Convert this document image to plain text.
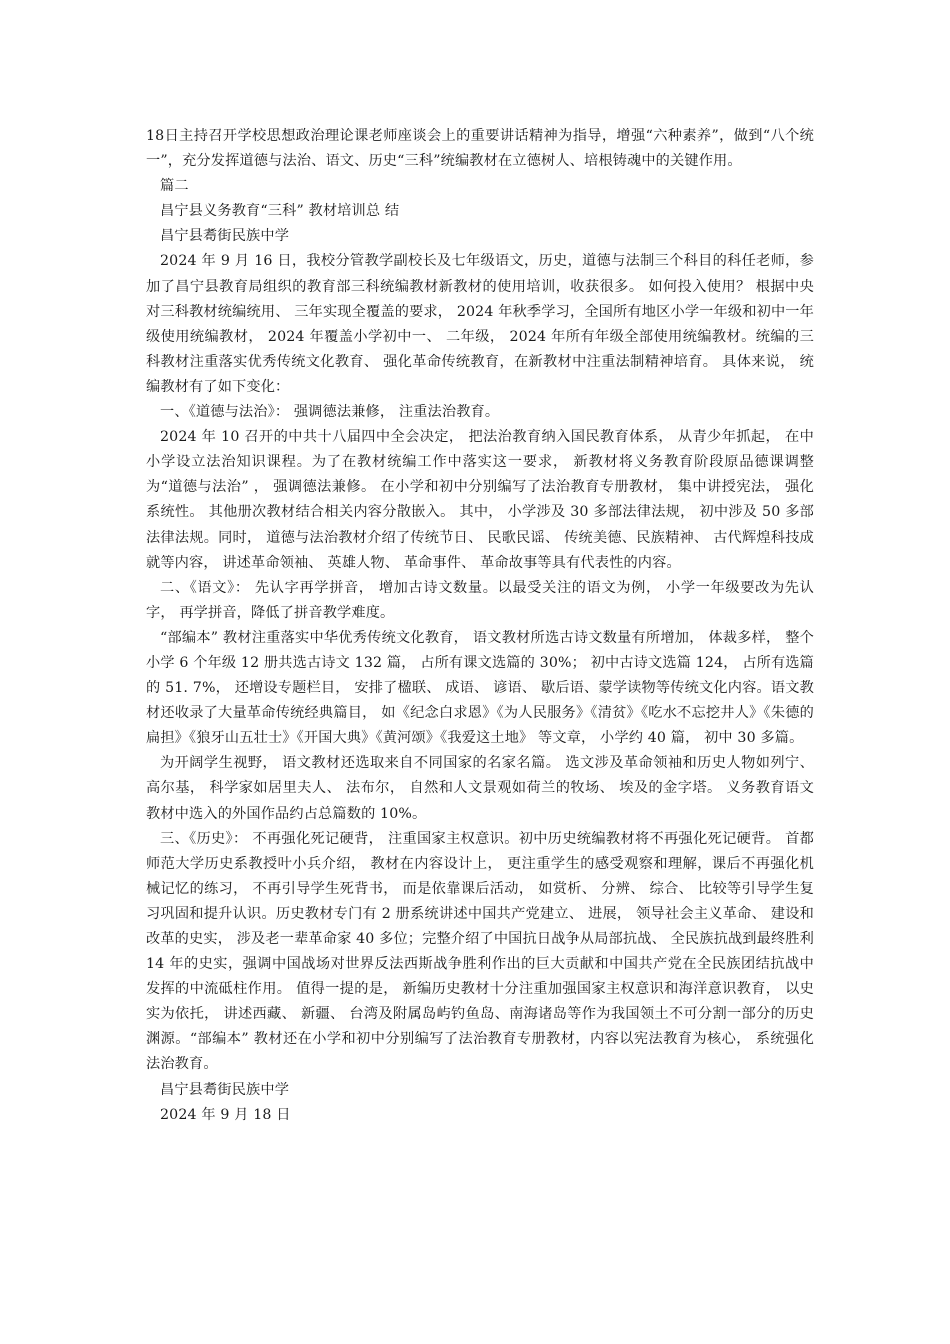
18日主持召开学校思想政治理论课老师座谈会上的重要讲话精神为指导，增强“六种素养”，做到“八个统一”，充分发挥道德与法治、语文、历史“三科”统编教材在立德树人、培根铸魂中的关键作用。

篇二

昌宁县义务教育“三科” 教材培训总 结

昌宁县耈街民族中学

2024 年 9 月 16 日，我校分管教学副校长及七年级语文，历史，道德与法制三个科目的科任老师，参加了昌宁县教育局组织的教育部三科统编教材新教材的使用培训，收获很多。 如何投入使用？ 根据中央对三科教材统编统用、 三年实现全覆盖的要求， 2024 年秋季学习，全国所有地区小学一年级和初中一年级使用统编教材， 2024 年覆盖小学初中一、 二年级， 2024 年所有年级全部使用统编教材。统编的三科教材注重落实优秀传统文化教育、 强化革命传统教育，在新教材中注重法制精神培育。 具体来说， 统编教材有了如下变化：

一、《道德与法治》： 强调德法兼修， 注重法治教育。

2024 年 10 召开的中共十八届四中全会决定， 把法治教育纳入国民教育体系， 从青少年抓起， 在中小学设立法治知识课程。为了在教材统编工作中落实这一要求， 新教材将义务教育阶段原品德课调整为“道德与法治” ， 强调德法兼修。 在小学和初中分别编写了法治教育专册教材， 集中讲授宪法， 强化系统性。 其他册次教材结合相关内容分散嵌入。 其中， 小学涉及 30 多部法律法规， 初中涉及 50 多部法律法规。同时， 道德与法治教材介绍了传统节日、 民歌民谣、 传统美德、民族精神、 古代辉煌科技成就等内容， 讲述革命领袖、 英雄人物、 革命事件、 革命故事等具有代表性的内容。

二、《语文》： 先认字再学拼音， 增加古诗文数量。以最受关注的语文为例， 小学一年级要改为先认字， 再学拼音，降低了拼音教学难度。

“部编本” 教材注重落实中华优秀传统文化教育， 语文教材所选古诗文数量有所增加， 体裁多样， 整个小学 6 个年级 12 册共选古诗文 132 篇， 占所有课文选篇的 30%； 初中古诗文选篇 124， 占所有选篇的 51. 7%， 还增设专题栏目， 安排了楹联、 成语、 谚语、 歇后语、蒙学读物等传统文化内容。语文教材还收录了大量革命传统经典篇目， 如《纪念白求恩》《为人民服务》《清贫》《吃水不忘挖井人》《朱德的扁担》《狼牙山五壮士》《开国大典》《黄河颂》《我爱这土地》 等文章， 小学约 40 篇， 初中 30 多篇。

为开阔学生视野， 语文教材还选取来自不同国家的名家名篇。 选文涉及革命领袖和历史人物如列宁、 高尔基， 科学家如居里夫人、 法布尔， 自然和人文景观如荷兰的牧场、 埃及的金字塔。 义务教育语文教材中选入的外国作品约占总篇数的 10%。

三、《历史》： 不再强化死记硬背， 注重国家主权意识。初中历史统编教材将不再强化死记硬背。 首都师范大学历史系教授叶小兵介绍， 教材在内容设计上， 更注重学生的感受观察和理解，课后不再强化机械记忆的练习， 不再引导学生死背书， 而是依靠课后活动， 如赏析、 分辨、 综合、 比较等引导学生复习巩固和提升认识。历史教材专门有 2 册系统讲述中国共产党建立、 进展， 领导社会主义革命、 建设和改革的史实， 涉及老一辈革命家 40 多位；完整介绍了中国抗日战争从局部抗战、 全民族抗战到最终胜利 14 年的史实，强调中国战场对世界反法西斯战争胜利作出的巨大贡献和中国共产党在全民族团结抗战中发挥的中流砥柱作用。 值得一提的是， 新编历史教材十分注重加强国家主权意识和海洋意识教育， 以史实为依托， 讲述西藏、 新疆、 台湾及附属岛屿钓鱼岛、南海诸岛等作为我国领土不可分割一部分的历史渊源。“部编本” 教材还在小学和初中分别编写了法治教育专册教材，内容以宪法教育为核心， 系统强化法治教育。

昌宁县耈街民族中学

2024 年 9 月 18 日
